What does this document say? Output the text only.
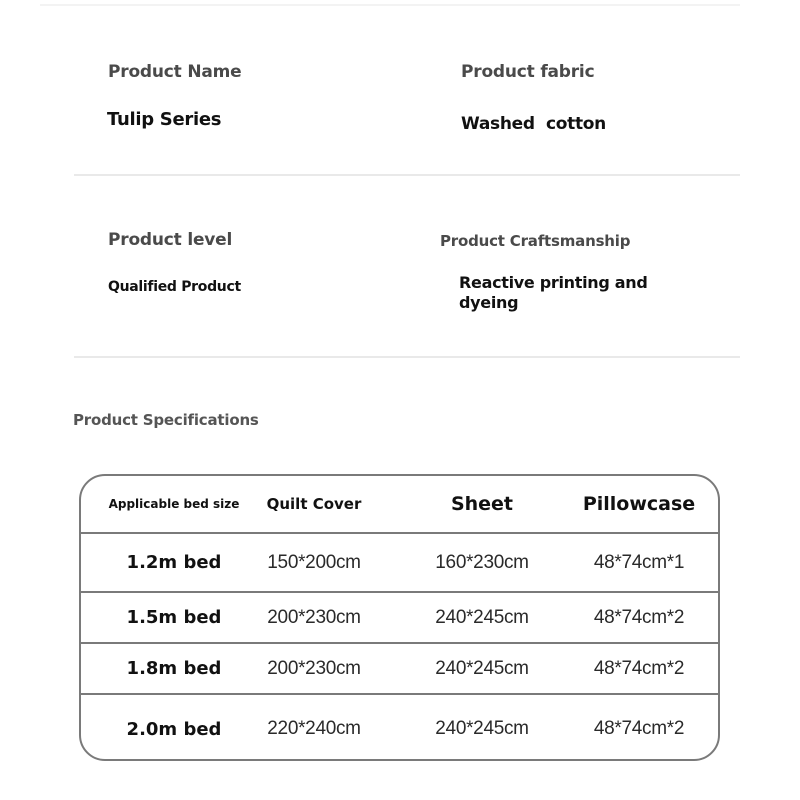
Product Name
Tulip Series
Product fabric
Washed  cotton
Product level
Qualified Product
Product Craftsmanship
Reactive printing and dyeing
Product Specifications
Applicable bed size	Quilt Cover	Sheet	Pillowcase
1.2m bed	150*200cm	160*230cm	48*74cm*1
1.5m bed	200*230cm	240*245cm	48*74cm*2
1.8m bed	200*230cm	240*245cm	48*74cm*2
2.0m bed	220*240cm	240*245cm	48*74cm*2
